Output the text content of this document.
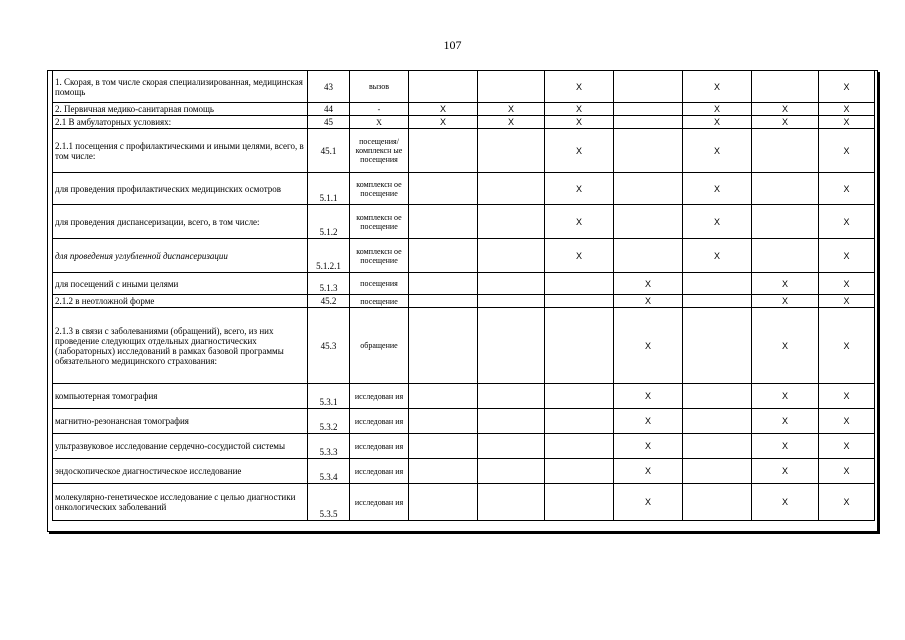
107
1. Скорая, в том числе скорая специализированная, медицинская помощь	43	вызов			X		X		X
2. Первичная медико-санитарная помощь	44	-	X	X	X		X	X	X
2.1 В амбулаторных условиях:	45	X	X	X	X		X	X	X
2.1.1 посещения с профилактическими и иными целями, всего, в том числе:	45.1	посещения/ комплексн ые посещения			X		X		X
для проведения профилактических медицинских осмотров	5.1.1	комплексн ое посещение			X		X		X
для проведения диспансеризации, всего, в том числе:	5.1.2	комплексн ое посещение			X		X		X
для проведения углубленной диспансеризации	5.1.2.1	комплексн ое посещение			X		X		X
для посещений с иными целями	5.1.3	посещения				X		X	X
2.1.2 в неотложной форме	45.2	посещение				X		X	X
2.1.3 в связи с заболеваниями (обращений), всего, из них проведение следующих отдельных диагностических (лабораторных) исследований в рамках базовой программы обязательного медицинского страхования:	45.3	обращение				X		X	X
компьютерная томография	5.3.1	исследован ия				X		X	X
магнитно-резонансная томография	5.3.2	исследован ия				X		X	X
ультразвуковое исследование сердечно-сосудистой системы	5.3.3	исследован ия				X		X	X
эндоскопическое диагностическое исследование	5.3.4	исследован ия				X		X	X
молекулярно-генетическое исследование с целью диагностики онкологических заболеваний	5.3.5	исследован ия				X		X	X
